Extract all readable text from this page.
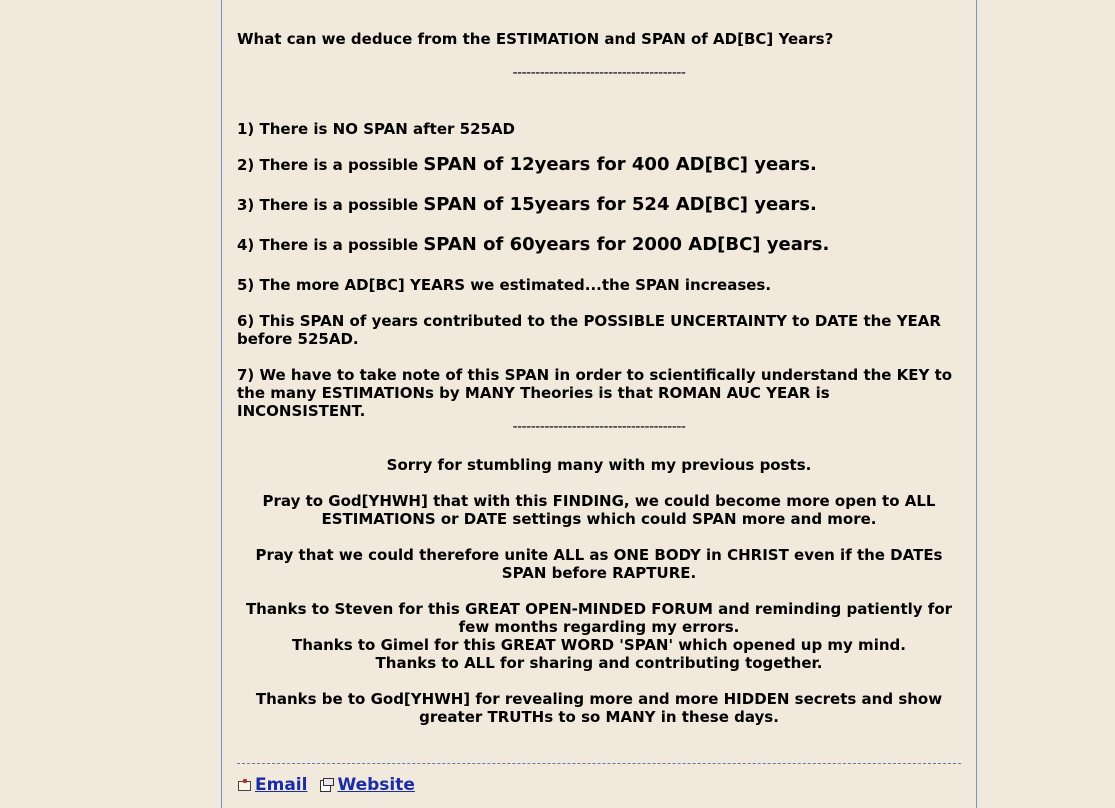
What can we deduce from the ESTIMATION and SPAN of AD[BC] Years?
--------------------------------------
1) There is NO SPAN after 525AD
2) There is a possible SPAN of 12years for 400 AD[BC] years.
3) There is a possible SPAN of 15years for 524 AD[BC] years.
4) There is a possible SPAN of 60years for 2000 AD[BC] years.
5) The more AD[BC] YEARS we estimated...the SPAN increases.
6) This SPAN of years contributed to the POSSIBLE UNCERTAINTY to DATE the YEAR before 525AD.
7) We have to take note of this SPAN in order to scientifically understand the KEY to the many ESTIMATIONs by MANY Theories is that ROMAN AUC YEAR is INCONSISTENT.
--------------------------------------
Sorry for stumbling many with my previous posts.
Pray to God[YHWH] that with this FINDING, we could become more open to ALL ESTIMATIONS or DATE settings which could SPAN more and more.
Pray that we could therefore unite ALL as ONE BODY in CHRIST even if the DATEs SPAN before RAPTURE.
Thanks to Steven for this GREAT OPEN-MINDED FORUM and reminding patiently for few months regarding my errors.
Thanks to Gimel for this GREAT WORD 'SPAN' which opened up my mind.
Thanks to ALL for sharing and contributing together.
Thanks be to God[YHWH] for revealing more and more HIDDEN secrets and show greater TRUTHs to so MANY in these days.
Email Website
